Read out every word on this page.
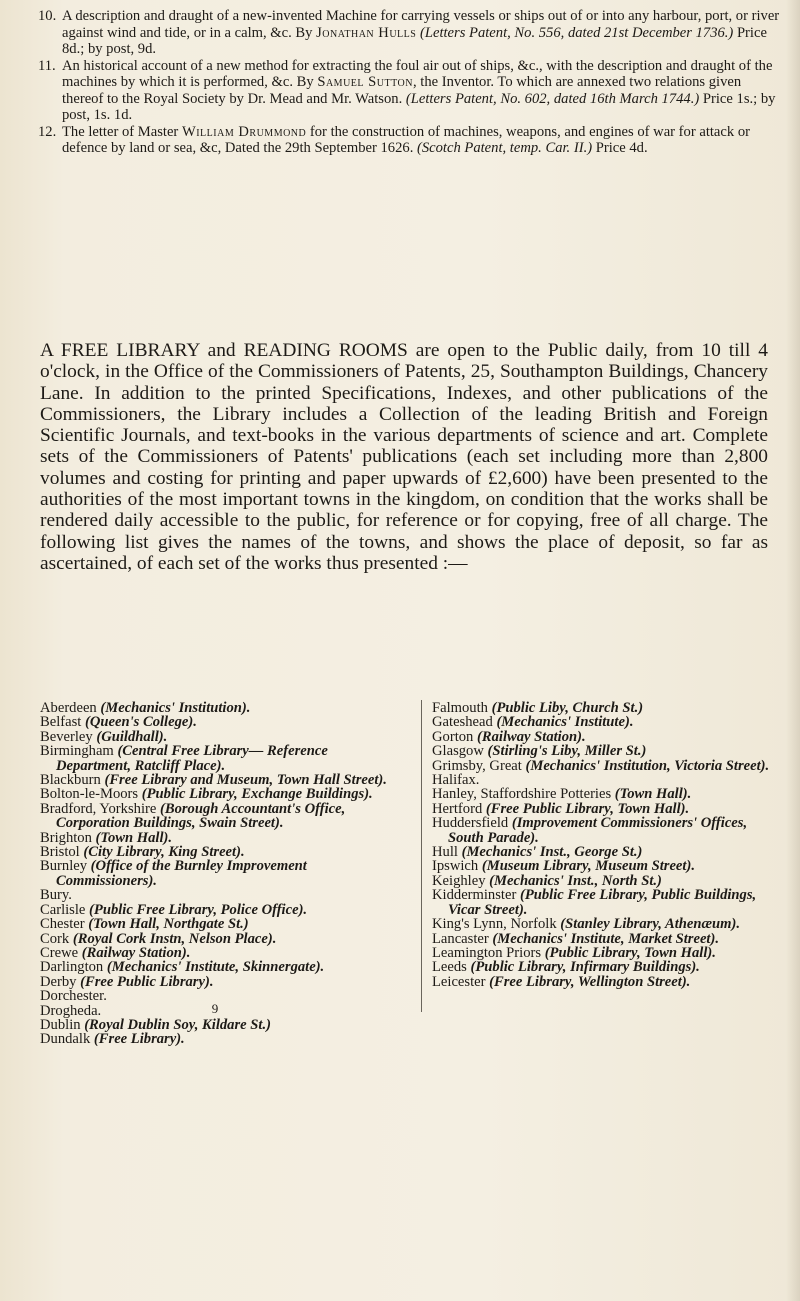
10. A description and draught of a new-invented Machine for carrying vessels or ships out of or into any harbour, port, or river against wind and tide, or in a calm, &c. By Jonathan Hulls (Letters Patent, No. 556, dated 21st December 1736.) Price 8d.; by post, 9d.
11. An historical account of a new method for extracting the foul air out of ships, &c., with the description and draught of the machines by which it is performed, &c. By Samuel Sutton, the Inventor. To which are annexed two relations given thereof to the Royal Society by Dr. Mead and Mr. Watson. (Letters Patent, No. 602, dated 16th March 1744.) Price 1s.; by post, 1s. 1d.
12. The letter of Master William Drummond for the construction of machines, weapons, and engines of war for attack or defence by land or sea, &c, Dated the 29th September 1626. (Scotch Patent, temp. Car. II.) Price 4d.
A FREE LIBRARY and READING ROOMS are open to the Public daily, from 10 till 4 o'clock, in the Office of the Commissioners of Patents, 25, Southampton Buildings, Chancery Lane. In addition to the printed Specifications, Indexes, and other publications of the Commissioners, the Library includes a Collection of the leading British and Foreign Scientific Journals, and text-books in the various departments of science and art. Complete sets of the Commissioners of Patents' publications (each set including more than 2,800 volumes and costing for printing and paper upwards of £2,600) have been presented to the authorities of the most important towns in the kingdom, on condition that the works shall be rendered daily accessible to the public, for reference or for copying, free of all charge. The following list gives the names of the towns, and shows the place of deposit, so far as ascertained, of each set of the works thus presented :—
Aberdeen (Mechanics' Institution).
Belfast (Queen's College).
Beverley (Guildhall).
Birmingham (Central Free Library— Reference Department, Ratcliff Place).
Blackburn (Free Library and Museum, Town Hall Street).
Bolton-le-Moors (Public Library, Exchange Buildings).
Bradford, Yorkshire (Borough Accountant's Office, Corporation Buildings, Swain Street).
Brighton (Town Hall).
Bristol (City Library, King Street).
Burnley (Office of the Burnley Improvement Commissioners).
Bury.
Carlisle (Public Free Library, Police Office).
Chester (Town Hall, Northgate St.)
Cork (Royal Cork Instn, Nelson Place).
Crewe (Railway Station).
Darlington (Mechanics' Institute, Skinnergate).
Derby (Free Public Library).
Dorchester.
Drogheda.
Dublin (Royal Dublin Soy, Kildare St.)
Dundalk (Free Library).
Falmouth (Public Liby, Church St.)
Gateshead (Mechanics' Institute).
Gorton (Railway Station).
Glasgow (Stirling's Liby, Miller St.)
Grimsby, Great (Mechanics' Institution, Victoria Street).
Halifax.
Hanley, Staffordshire Potteries (Town Hall).
Hertford (Free Public Library, Town Hall).
Huddersfield (Improvement Commissioners' Offices, South Parade).
Hull (Mechanics' Inst., George St.)
Ipswich (Museum Library, Museum Street).
Keighley (Mechanics' Inst., North St.)
Kidderminster (Public Free Library, Public Buildings, Vicar Street).
King's Lynn, Norfolk (Stanley Library, Athenæum).
Lancaster (Mechanics' Institute, Market Street).
Leamington Priors (Public Library, Town Hall).
Leeds (Public Library, Infirmary Buildings).
Leicester (Free Library, Wellington Street).
9
